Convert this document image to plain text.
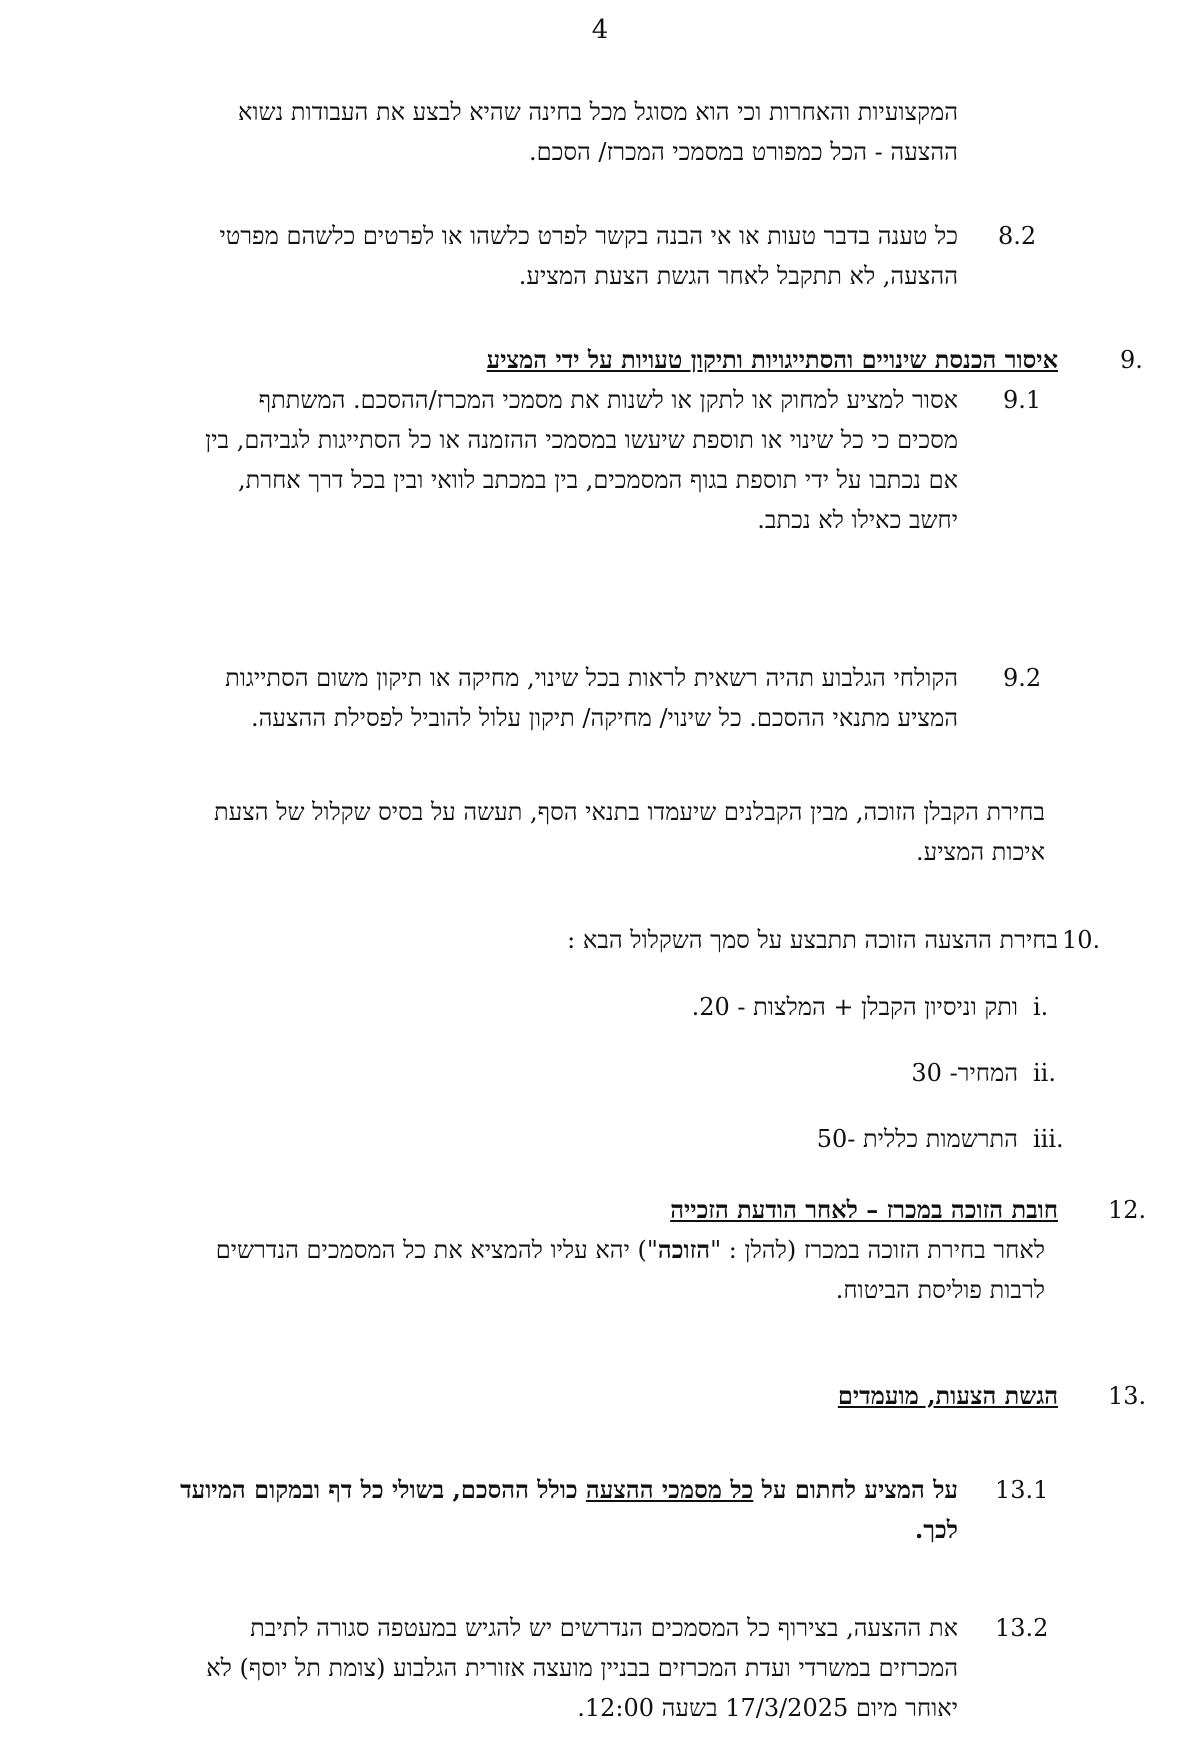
4
המקצועיות והאחרות וכי הוא מסוגל מכל בחינה שהיא לבצע את העבודות נשוא
ההצעה - הכל כמפורט במסמכי המכרז/ הסכם.
8.2
כל טענה בדבר טעות או אי הבנה בקשר לפרט כלשהו או לפרטים כלשהם מפרטי
ההצעה, לא תתקבל לאחר הגשת הצעת המציע.
9.
איסור הכנסת שינויים והסתייגויות ותיקון טעויות על ידי המציע
9.1
אסור למציע למחוק או לתקן או לשנות את מסמכי המכרז/ההסכם. המשתתף
מסכים כי כל שינוי או תוספת שיעשו במסמכי ההזמנה או כל הסתייגות לגביהם, בין
אם נכתבו על ידי תוספת בגוף המסמכים, בין במכתב לוואי ובין בכל דרך אחרת,
יחשב כאילו לא נכתב.
9.2
הקולחי הגלבוע תהיה רשאית לראות בכל שינוי, מחיקה או תיקון משום הסתייגות
המציע מתנאי ההסכם. כל שינוי/ מחיקה/ תיקון עלול להוביל לפסילת ההצעה.
בחירת הקבלן הזוכה, מבין הקבלנים שיעמדו בתנאי הסף, תעשה על בסיס שקלול של הצעת
איכות המציע.
10.
בחירת ההצעה הזוכה תתבצע על סמך השקלול הבא :
i.
ותק וניסיון הקבלן + המלצות - 20.
ii.
המחיר- 30
iii.
התרשמות כללית -50
12.
חובת הזוכה במכרז – לאחר הודעת הזכייה
לאחר בחירת הזוכה במכרז (להלן : "הזוכה") יהא עליו להמציא את כל המסמכים הנדרשים
לרבות פוליסת הביטוח.
13.
הגשת הצעות, מועמדים
13.1
על המציע לחתום על כל מסמכי ההצעה כולל ההסכם, בשולי כל דף ובמקום המיועד
לכך.
13.2
את ההצעה, בצירוף כל המסמכים הנדרשים יש להגיש במעטפה סגורה לתיבת
המכרזים במשרדי ועדת המכרזים בבניין מועצה אזורית הגלבוע (צומת תל יוסף) לא
יאוחר מיום 17/3/2025 בשעה 12:00.
